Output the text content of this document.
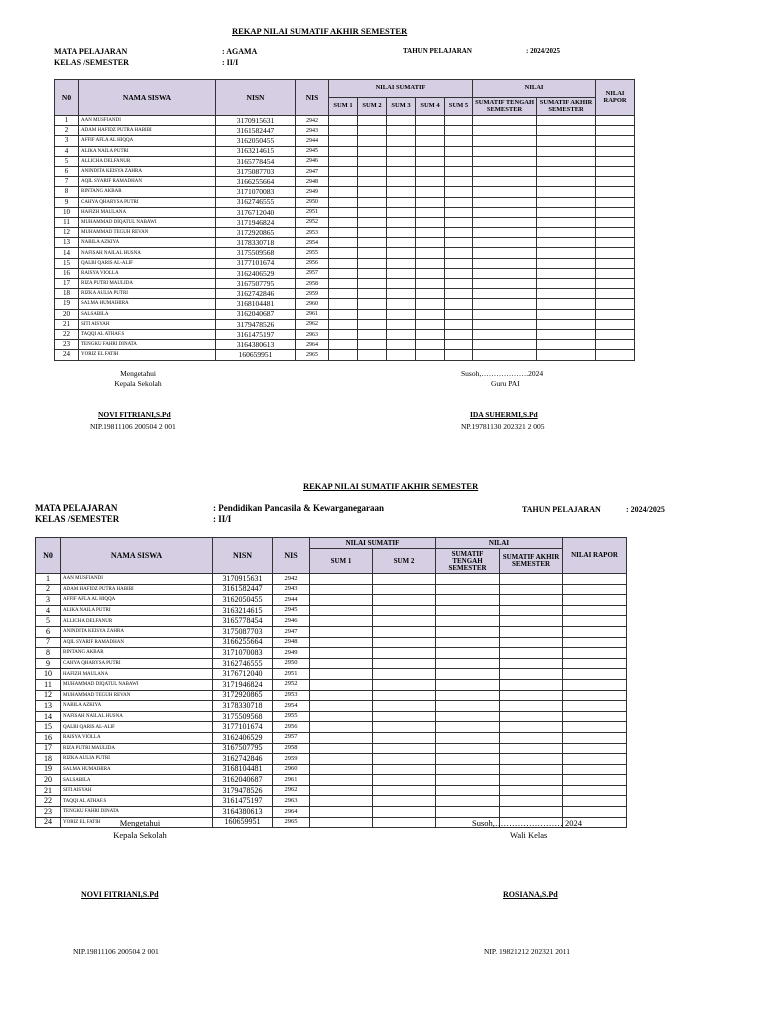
REKAP NILAI SUMATIF AKHIR SEMESTER
MATA PELAJARAN	: AGAMA
KELAS /SEMESTER	: II/I
TAHUN PELAJARAN	: 2024/2025
N0	NAMA SISWA	NISN	NIS	NILAI SUMATIF					NILAI		NILAI RAPOR
				SUM 1	SUM 2	SUM 3	SUM 4	SUM 5	SUMATIF TENGAH SEMESTER	SUMATIF AKHIR SEMESTER	
1	AAN MUSFIANDI	3170915631	2942								
2	ADAM HAFIDZ PUTRA HABIBI	3161582447	2943								
3	AFFIF AFLA AL HIQQA	3162050455	2944								
4	ALIKA NAILA PUTRI	3163214615	2945								
5	ALLICHA DELFANUR	3165778454	2946								
6	ANINDITA KEISYA ZAHRA	3175087703	2947								
7	AQIL SYARIF RAMADHAN	3166255664	2948								
8	BINTANG AKBAR	3171070083	2949								
9	CAHYA QHARYSA PUTRI	3162746555	2950								
10	HAFIZH MAULANA	3176712040	2951								
11	MUHAMMAD DIQATUL NABAWI	3171946824	2952								
12	MUHAMMAD TEGUH REVAN	3172920865	2953								
13	NABILA AZKIYA	3178330718	2954								
14	NAFISAH NAILAL HUSNA	3175509568	2955								
15	QALBI QARIS AL-ALIF	3177101674	2956								
16	RAISYA VIOLLA	3162406529	2957								
17	RIZA PUTRI MAULIDA	3167507795	2958								
18	RIZKA AULIA PUTRI	3162742846	2959								
19	SALMA HUMAIHIRA	3168104481	2960								
20	SALSABILA	3162040687	2961								
21	SITI AISYAH	3179478526	2962								
22	TAQQI AL ATHAF.S	3161475197	2963								
23	TENGKU FAHRI DINATA	3164380613	2964								
24	YORIZ EL FATIH	160659951	2965								
Mengetahui
Kepala Sekolah
NOVI FITRIANI,S.Pd
NIP.19811106 200504 2 001
Susoh,……………….2024
Guru PAI
IDA SUHERMI,S.Pd
NP.19781130 202321 2 005
REKAP NILAI SUMATIF AKHIR SEMESTER
MATA PELAJARAN	: Pendidikan Pancasila & Kewarganegaraan
KELAS /SEMESTER	: II/I
TAHUN PELAJARAN	: 2024/2025
N0	NAMA SISWA	NISN	NIS	NILAI SUMATIF		NILAI		NILAI RAPOR
				SUM 1	SUM 2	SUMATIF TENGAH SEMESTER	SUMATIF AKHIR SEMESTER	
1	AAN MUSFIANDI	3170915631	2942					
2	ADAM HAFIDZ PUTRA HABIBI	3161582447	2943					
3	AFFIF AFLA AL HIQQA	3162050455	2944					
4	ALIKA NAILA PUTRI	3163214615	2945					
5	ALLICHA DELFANUR	3165778454	2946					
6	ANINDITA KEISYA ZAHRA	3175087703	2947					
7	AQIL SYARIF RAMADHAN	3166255664	2948					
8	BINTANG AKBAR	3171070083	2949					
9	CAHYA QHARYSA PUTRI	3162746555	2950					
10	HAFIZH MAULANA	3176712040	2951					
11	MUHAMMAD DIQATUL NABAWI	3171946824	2952					
12	MUHAMMAD TEGUH REVAN	3172920865	2953					
13	NABILA AZKIYA	3178330718	2954					
14	NAFISAH NAILAL HUSNA	3175509568	2955					
15	QALBI QARIS AL-ALIF	3177101674	2956					
16	RAISYA VIOLLA	3162406529	2957					
17	RIZA PUTRI MAULIDA	3167507795	2958					
18	RIZKA AULIA PUTRI	3162742846	2959					
19	SALMA HUMAIHIRA	3168104481	2960					
20	SALSABILA	3162040687	2961					
21	SITI AISYAH	3179478526	2962					
22	TAQQI AL ATHAF.S	3161475197	2963					
23	TENGKU FAHRI DINATA	3164380613	2964					
24	YORIZ EL FATIH	160659951	2965					
Mengetahui
Kepala Sekolah
NOVI FITRIANI,S.Pd
NIP.19811106 200504 2 001
Susoh,…………………… 2024
Wali Kelas
ROSIANA,S.Pd
NIP. 19821212 202321 2011
